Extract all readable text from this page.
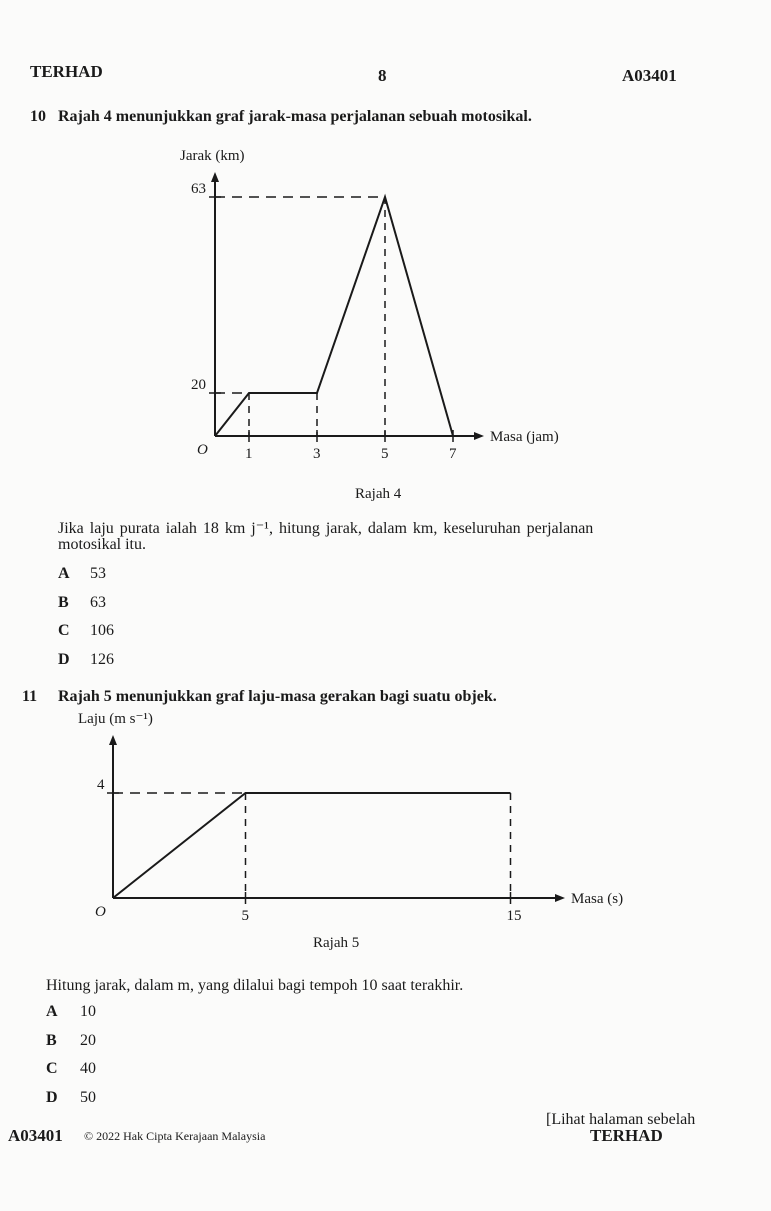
TERHAD	8	A03401
10 Rajah 4 menunjukkan graf jarak-masa perjalanan sebuah motosikal.
Jarak (km)
Masa (jam)
O 1	3	5	7
20
63
Rajah 4
Jika laju purata ialah 18 km j⁻¹, hitung jarak, dalam km, keseluruhan perjalanan
motosikal itu.
A 53
B 63
C 106
D 126
11 Rajah 5 menunjukkan graf laju-masa gerakan bagi suatu objek.
Laju (m s⁻¹)
Masa (s)
O	5	15
4
Rajah 5
Hitung jarak, dalam m, yang dilalui bagi tempoh 10 saat terakhir.
A 10
B 20
C 40
D 50
[Lihat halaman sebelah
A03401 © 2022 Hak Cipta Kerajaan Malaysia	TERHAD
